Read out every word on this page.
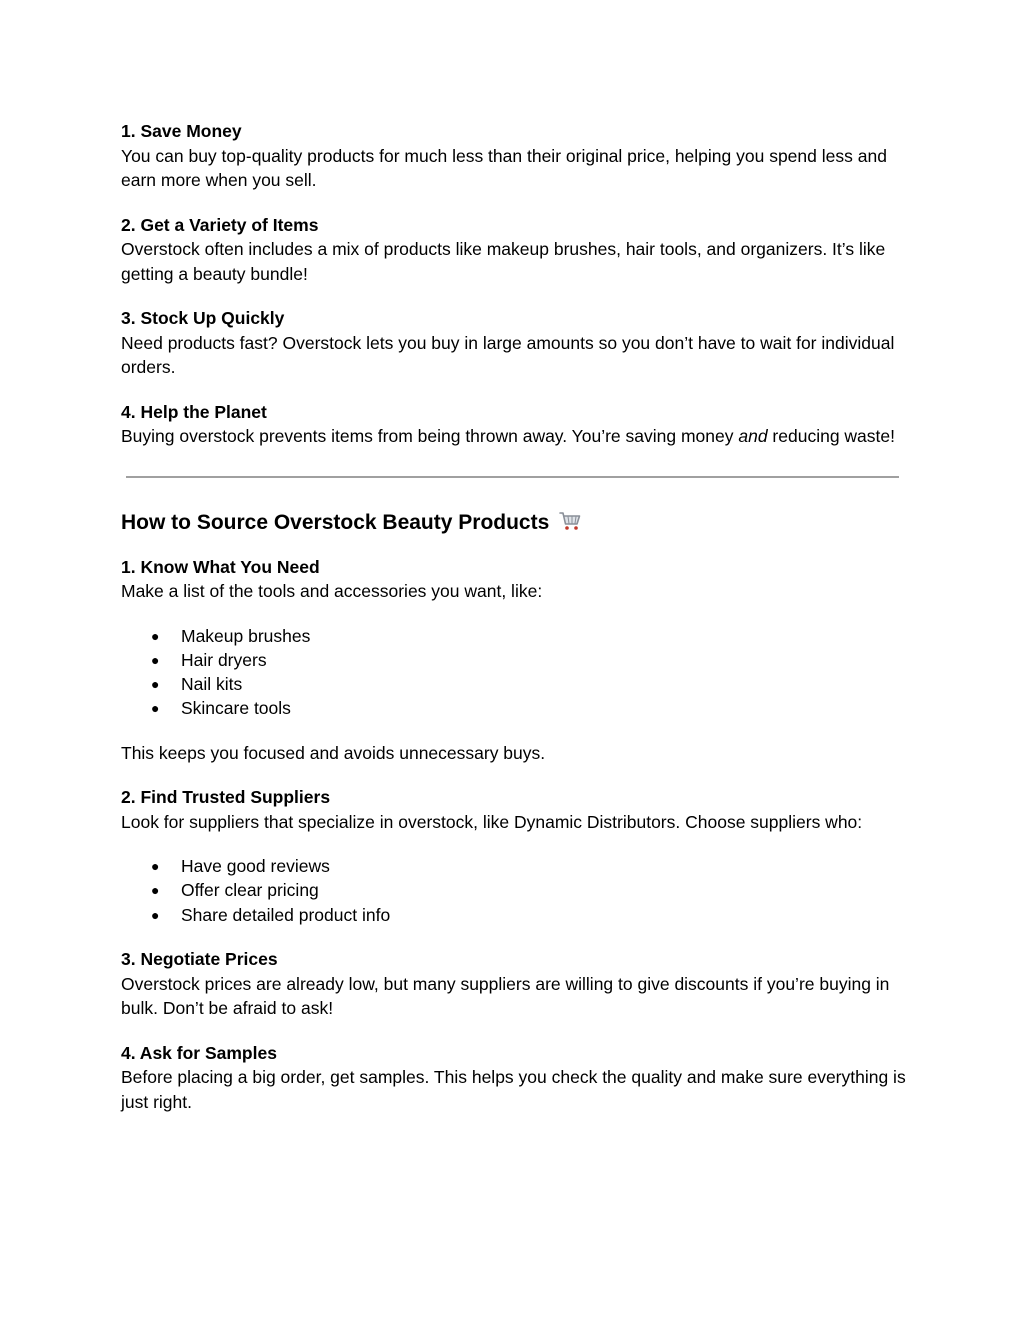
1. Save Money

You can buy top-quality products for much less than their original price, helping you spend less and earn more when you sell.

2. Get a Variety of Items

Overstock often includes a mix of products like makeup brushes, hair tools, and organizers. It’s like getting a beauty bundle!

3. Stock Up Quickly

Need products fast? Overstock lets you buy in large amounts so you don’t have to wait for individual orders.

4. Help the Planet

Buying overstock prevents items from being thrown away. You’re saving money and reducing waste!

How to Source Overstock Beauty Products
1. Know What You Need

Make a list of the tools and accessories you want, like:

● Makeup brushes
● Hair dryers
● Nail kits
● Skincare tools

This keeps you focused and avoids unnecessary buys.

2. Find Trusted Suppliers

Look for suppliers that specialize in overstock, like Dynamic Distributors. Choose suppliers who:

● Have good reviews
● Offer clear pricing
● Share detailed product info
3. Negotiate Prices

Overstock prices are already low, but many suppliers are willing to give discounts if you’re buying in bulk. Don’t be afraid to ask!

4. Ask for Samples

Before placing a big order, get samples. This helps you check the quality and make sure everything is just right.
